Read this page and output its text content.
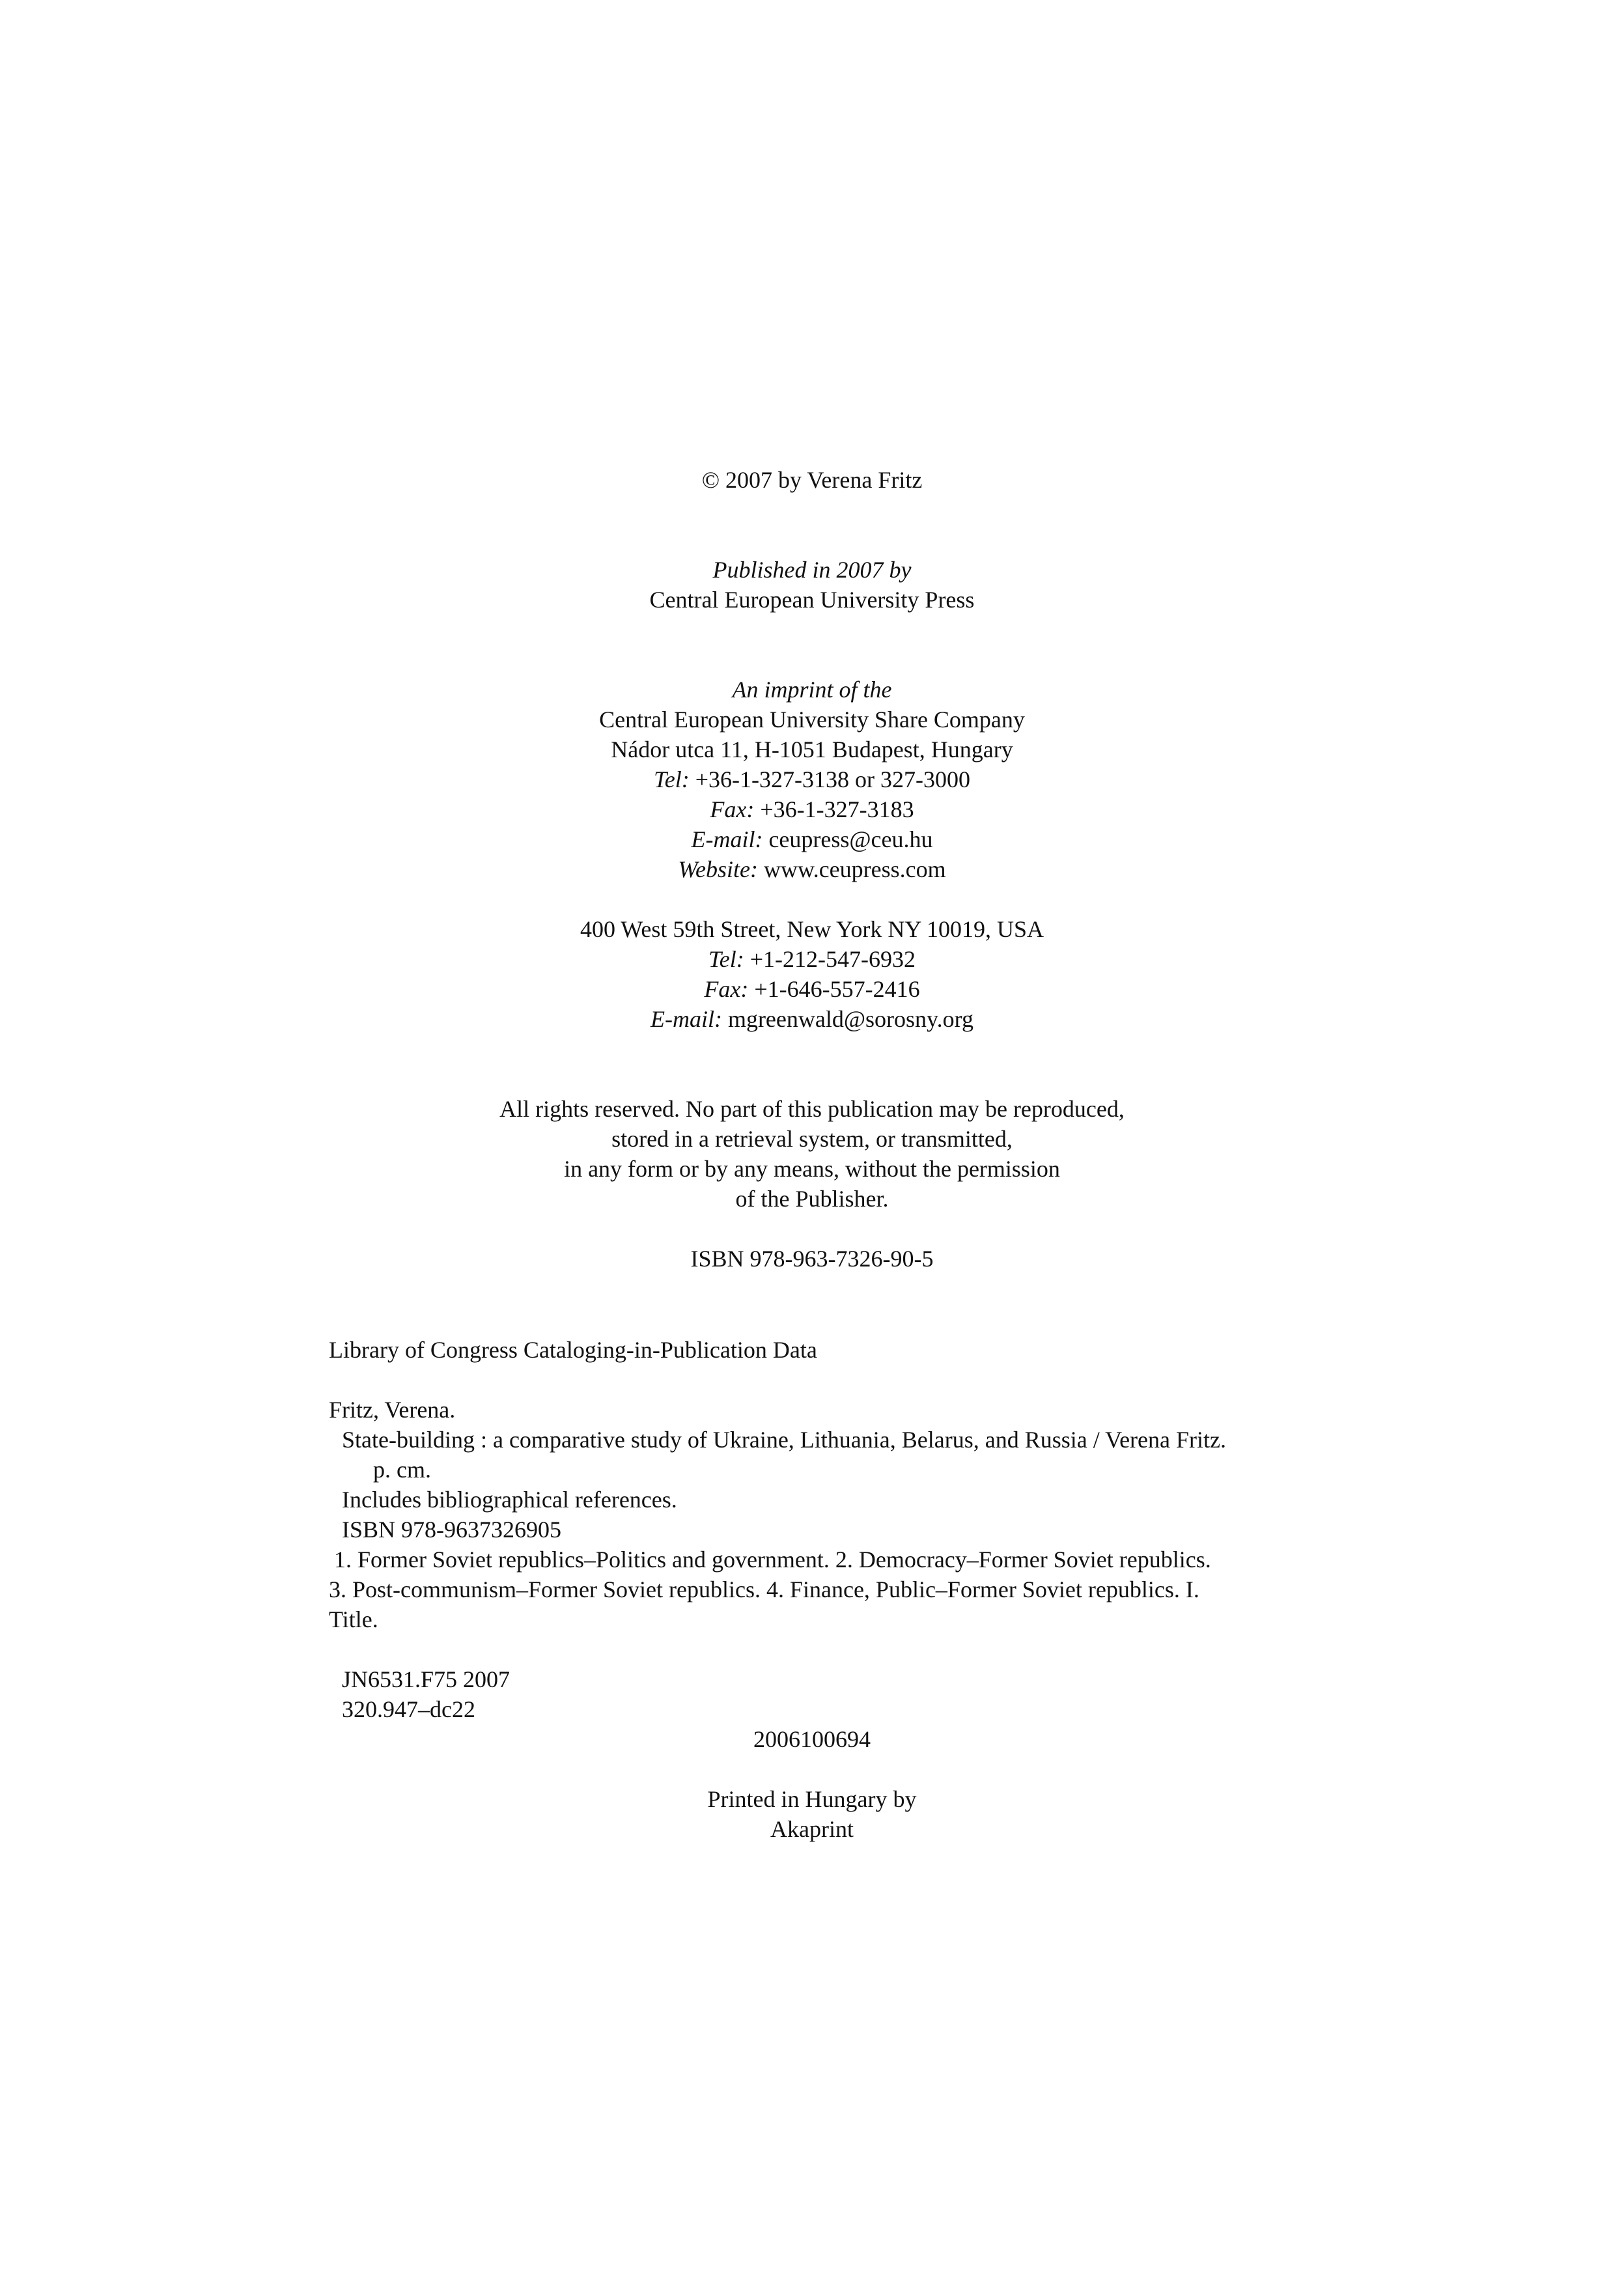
© 2007 by Verena Fritz
Published in 2007 by
Central European University Press
An imprint of the
Central European University Share Company
Nádor utca 11, H-1051 Budapest, Hungary
Tel: +36-1-327-3138 or 327-3000
Fax: +36-1-327-3183
E-mail: ceupress@ceu.hu
Website: www.ceupress.com
400 West 59th Street, New York NY 10019, USA
Tel: +1-212-547-6932
Fax: +1-646-557-2416
E-mail: mgreenwald@sorosny.org
All rights reserved. No part of this publication may be reproduced,
stored in a retrieval system, or transmitted,
in any form or by any means, without the permission
of the Publisher.
ISBN 978-963-7326-90-5
Library of Congress Cataloging-in-Publication Data
Fritz, Verena.
State-building : a comparative study of Ukraine, Lithuania, Belarus, and Russia / Verena Fritz.
p. cm.
Includes bibliographical references.
ISBN 978-9637326905
1. Former Soviet republics–Politics and government. 2. Democracy–Former Soviet republics.
3. Post-communism–Former Soviet republics. 4. Finance, Public–Former Soviet republics. I.
Title.
JN6531.F75 2007
320.947–dc22
2006100694
Printed in Hungary by
Akaprint
